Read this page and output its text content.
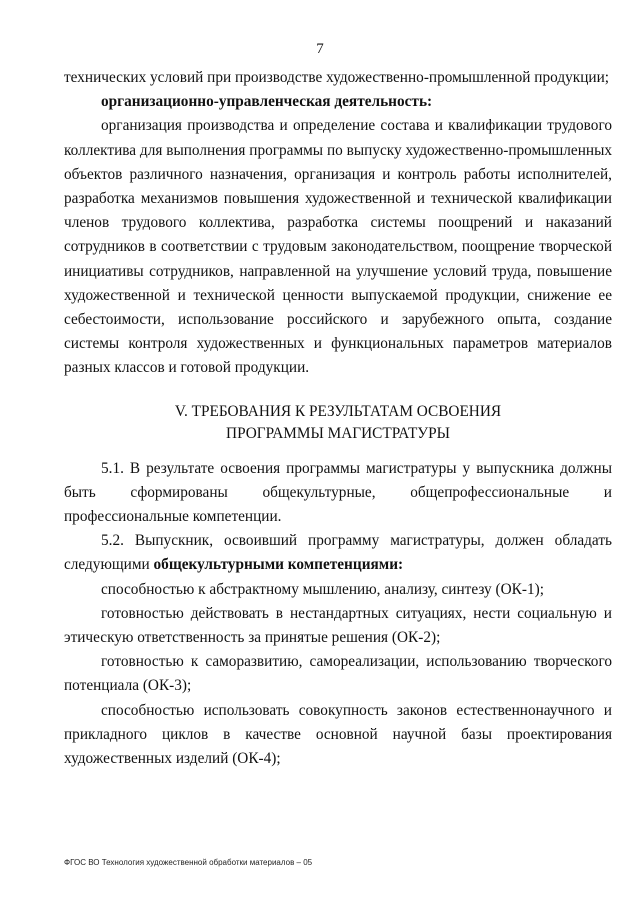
7

технических условий при производстве художественно-промышленной продукции;

организационно-управленческая деятельность:

организация производства и определение состава и квалификации трудового коллектива для выполнения программы по выпуску художественно-промышленных объектов различного назначения, организация и контроль работы исполнителей, разработка механизмов повышения художественной и технической квалификации членов трудового коллектива, разработка системы поощрений и наказаний сотрудников в соответствии с трудовым законодательством, поощрение творческой инициативы сотрудников, направленной на улучшение условий труда, повышение художественной и технической ценности выпускаемой продукции, снижение ее себестоимости, использование российского и зарубежного опыта, создание системы контроля художественных и функциональных параметров материалов разных классов и готовой продукции.

V. ТРЕБОВАНИЯ К РЕЗУЛЬТАТАМ ОСВОЕНИЯ
ПРОГРАММЫ МАГИСТРАТУРЫ

5.1. В результате освоения программы магистратуры у выпускника должны быть сформированы общекультурные, общепрофессиональные и профессиональные компетенции.

5.2. Выпускник, освоивший программу магистратуры, должен обладать следующими общекультурными компетенциями:

способностью к абстрактному мышлению, анализу, синтезу (ОК-1);

готовностью действовать в нестандартных ситуациях, нести социальную и этическую ответственность за принятые решения (ОК-2);

готовностью к саморазвитию, самореализации, использованию творческого потенциала (ОК-3);

способностью использовать совокупность законов естественнонаучного и прикладного циклов в качестве основной научной базы проектирования художественных изделий (ОК-4);

ФГОС ВО Технология художественной обработки материалов – 05
